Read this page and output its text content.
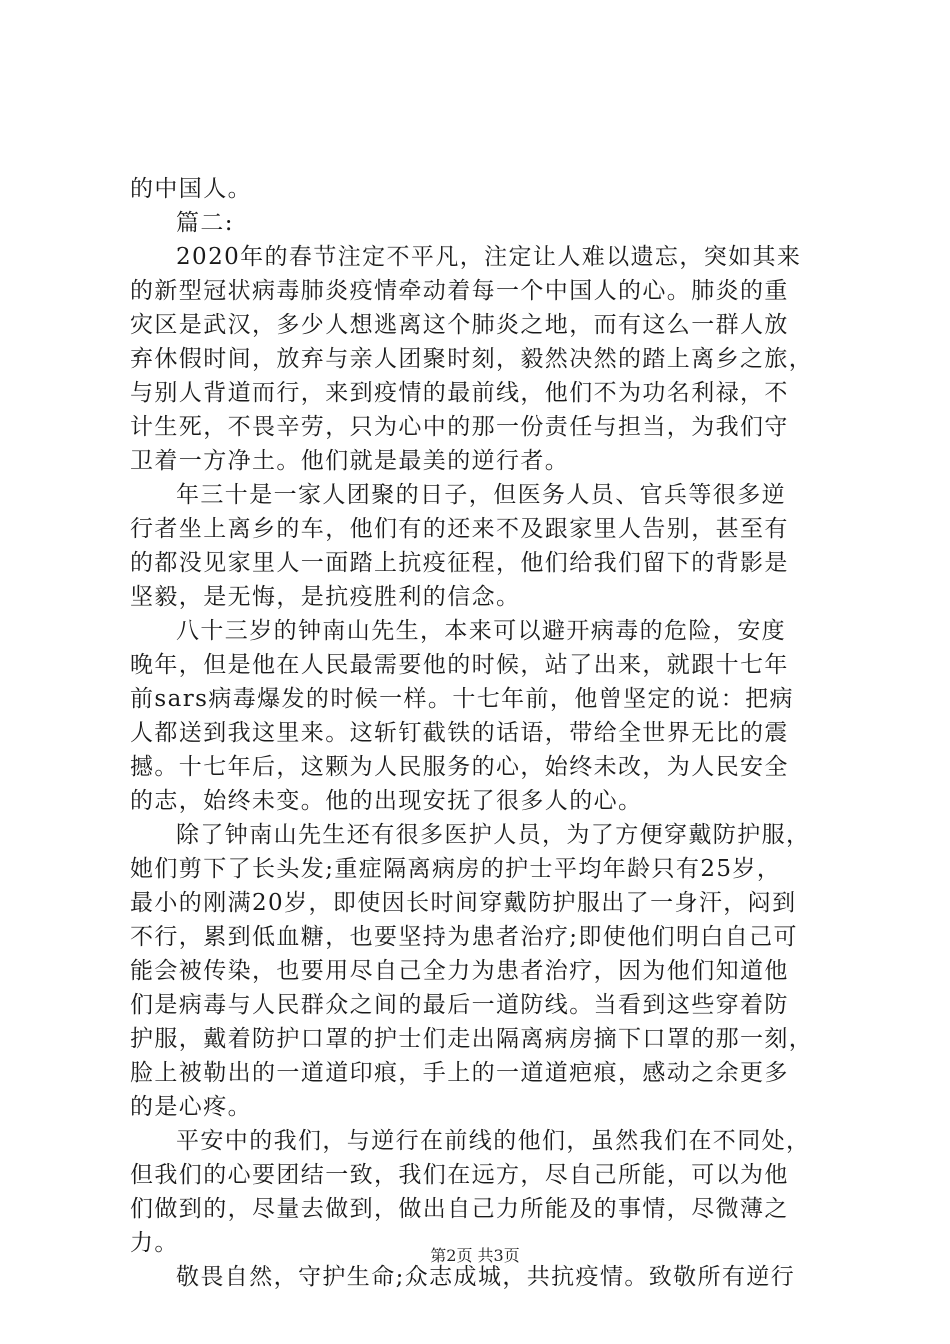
的中国人。
篇二:
2020年的春节注定不平凡，注定让人难以遗忘，突如其来
的新型冠状病毒肺炎疫情牵动着每一个中国人的心。肺炎的重
灾区是武汉，多少人想逃离这个肺炎之地，而有这么一群人放
弃休假时间，放弃与亲人团聚时刻，毅然决然的踏上离乡之旅，
与别人背道而行，来到疫情的最前线，他们不为功名利禄，不
计生死，不畏辛劳，只为心中的那一份责任与担当，为我们守
卫着一方净土。他们就是最美的逆行者。
年三十是一家人团聚的日子，但医务人员、官兵等很多逆
行者坐上离乡的车，他们有的还来不及跟家里人告别，甚至有
的都没见家里人一面踏上抗疫征程，他们给我们留下的背影是
坚毅，是无悔，是抗疫胜利的信念。
八十三岁的钟南山先生，本来可以避开病毒的危险，安度
晚年，但是他在人民最需要他的时候，站了出来，就跟十七年
前sars病毒爆发的时候一样。十七年前，他曾坚定的说：把病
人都送到我这里来。这斩钉截铁的话语，带给全世界无比的震
撼。十七年后，这颗为人民服务的心，始终未改，为人民安全
的志，始终未变。他的出现安抚了很多人的心。
除了钟南山先生还有很多医护人员，为了方便穿戴防护服，
她们剪下了长头发;重症隔离病房的护士平均年龄只有25岁，
最小的刚满20岁，即使因长时间穿戴防护服出了一身汗，闷到
不行，累到低血糖，也要坚持为患者治疗;即使他们明白自己可
能会被传染，也要用尽自己全力为患者治疗，因为他们知道他
们是病毒与人民群众之间的最后一道防线。当看到这些穿着防
护服，戴着防护口罩的护士们走出隔离病房摘下口罩的那一刻，
脸上被勒出的一道道印痕，手上的一道道疤痕，感动之余更多
的是心疼。
平安中的我们，与逆行在前线的他们，虽然我们在不同处，
但我们的心要团结一致，我们在远方，尽自己所能，可以为他
们做到的，尽量去做到，做出自己力所能及的事情，尽微薄之
力。
敬畏自然，守护生命;众志成城，共抗疫情。致敬所有逆行
第2页 共3页
